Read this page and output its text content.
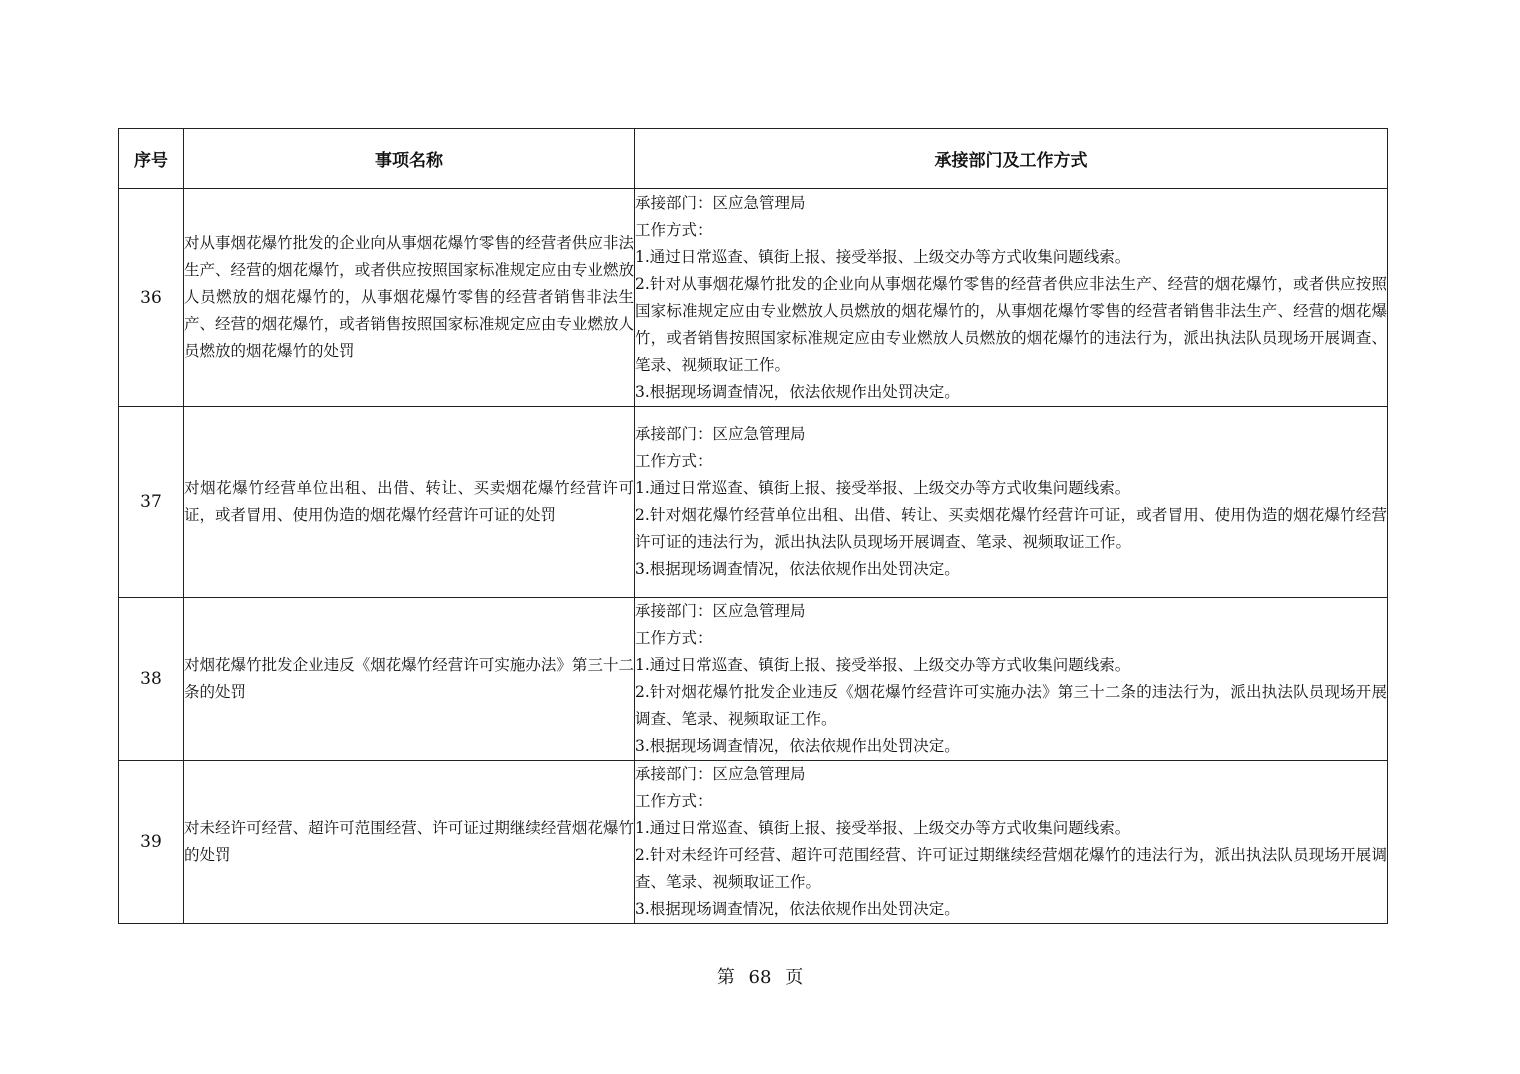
序号	事项名称	承接部门及工作方式
36	对从事烟花爆竹批发的企业向从事烟花爆竹零售的经营者供应非法生产、经营的烟花爆竹，或者供应按照国家标准规定应由专业燃放人员燃放的烟花爆竹的，从事烟花爆竹零售的经营者销售非法生产、经营的烟花爆竹，或者销售按照国家标准规定应由专业燃放人员燃放的烟花爆竹的处罚	承接部门：区应急管理局
工作方式：
1.通过日常巡查、镇街上报、接受举报、上级交办等方式收集问题线索。
2.针对从事烟花爆竹批发的企业向从事烟花爆竹零售的经营者供应非法生产、经营的烟花爆竹，或者供应按照国家标准规定应由专业燃放人员燃放的烟花爆竹的，从事烟花爆竹零售的经营者销售非法生产、经营的烟花爆竹，或者销售按照国家标准规定应由专业燃放人员燃放的烟花爆竹的违法行为，派出执法队员现场开展调查、笔录、视频取证工作。
3.根据现场调查情况，依法依规作出处罚决定。

37	对烟花爆竹经营单位出租、出借、转让、买卖烟花爆竹经营许可证，或者冒用、使用伪造的烟花爆竹经营许可证的处罚	承接部门：区应急管理局
工作方式：
1.通过日常巡查、镇街上报、接受举报、上级交办等方式收集问题线索。
2.针对烟花爆竹经营单位出租、出借、转让、买卖烟花爆竹经营许可证，或者冒用、使用伪造的烟花爆竹经营许可证的违法行为，派出执法队员现场开展调查、笔录、视频取证工作。
3.根据现场调查情况，依法依规作出处罚决定。

38	对烟花爆竹批发企业违反《烟花爆竹经营许可实施办法》第三十二条的处罚	承接部门：区应急管理局
工作方式：
1.通过日常巡查、镇街上报、接受举报、上级交办等方式收集问题线索。
2.针对烟花爆竹批发企业违反《烟花爆竹经营许可实施办法》第三十二条的违法行为，派出执法队员现场开展调查、笔录、视频取证工作。
3.根据现场调查情况，依法依规作出处罚决定。

39	对未经许可经营、超许可范围经营、许可证过期继续经营烟花爆竹的处罚	承接部门：区应急管理局
工作方式：
1.通过日常巡查、镇街上报、接受举报、上级交办等方式收集问题线索。
2.针对未经许可经营、超许可范围经营、许可证过期继续经营烟花爆竹的违法行为，派出执法队员现场开展调查、笔录、视频取证工作。
3.根据现场调查情况，依法依规作出处罚决定。
第 68 页
